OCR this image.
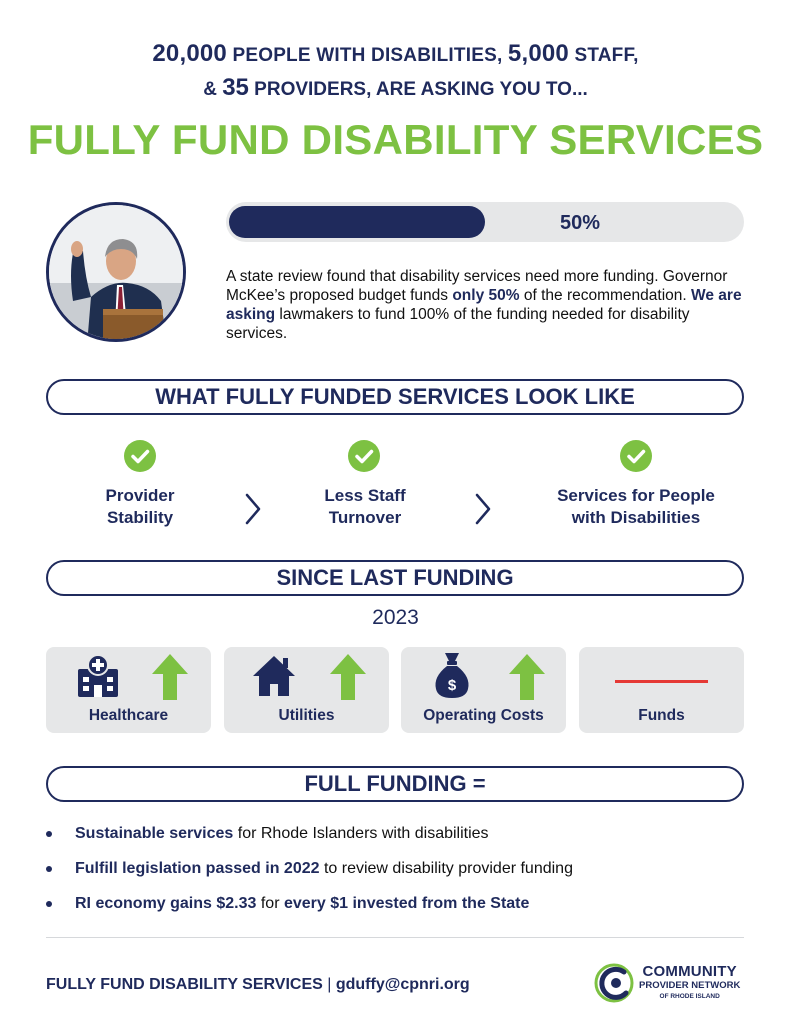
20,000 PEOPLE WITH DISABILITIES, 5,000 STAFF,
& 35 PROVIDERS, ARE ASKING YOU TO...
FULLY FUND DISABILITY SERVICES
50%

A state review found that disability services need more funding. Governor McKee’s proposed budget funds only 50% of the recommendation. We are asking lawmakers to fund 100% of the funding needed for disability services.

WHAT FULLY FUNDED SERVICES LOOK LIKE
Provider
Stability
Less Staff
Turnover
Services for People
with Disabilities
SINCE LAST FUNDING
2023
Healthcare	Utilities
$
Operating Costs	Funds
FULL FUNDING =
Sustainable services for Rhode Islanders with disabilities
Fulfill legislation passed in 2022 to review disability provider funding
RI economy gains $2.33 for every $1 invested from the State
FULLY FUND DISABILITY SERVICES | gduffy@cpnri.org
COMMUNITY
PROVIDER NETWORK
OF RHODE ISLAND
